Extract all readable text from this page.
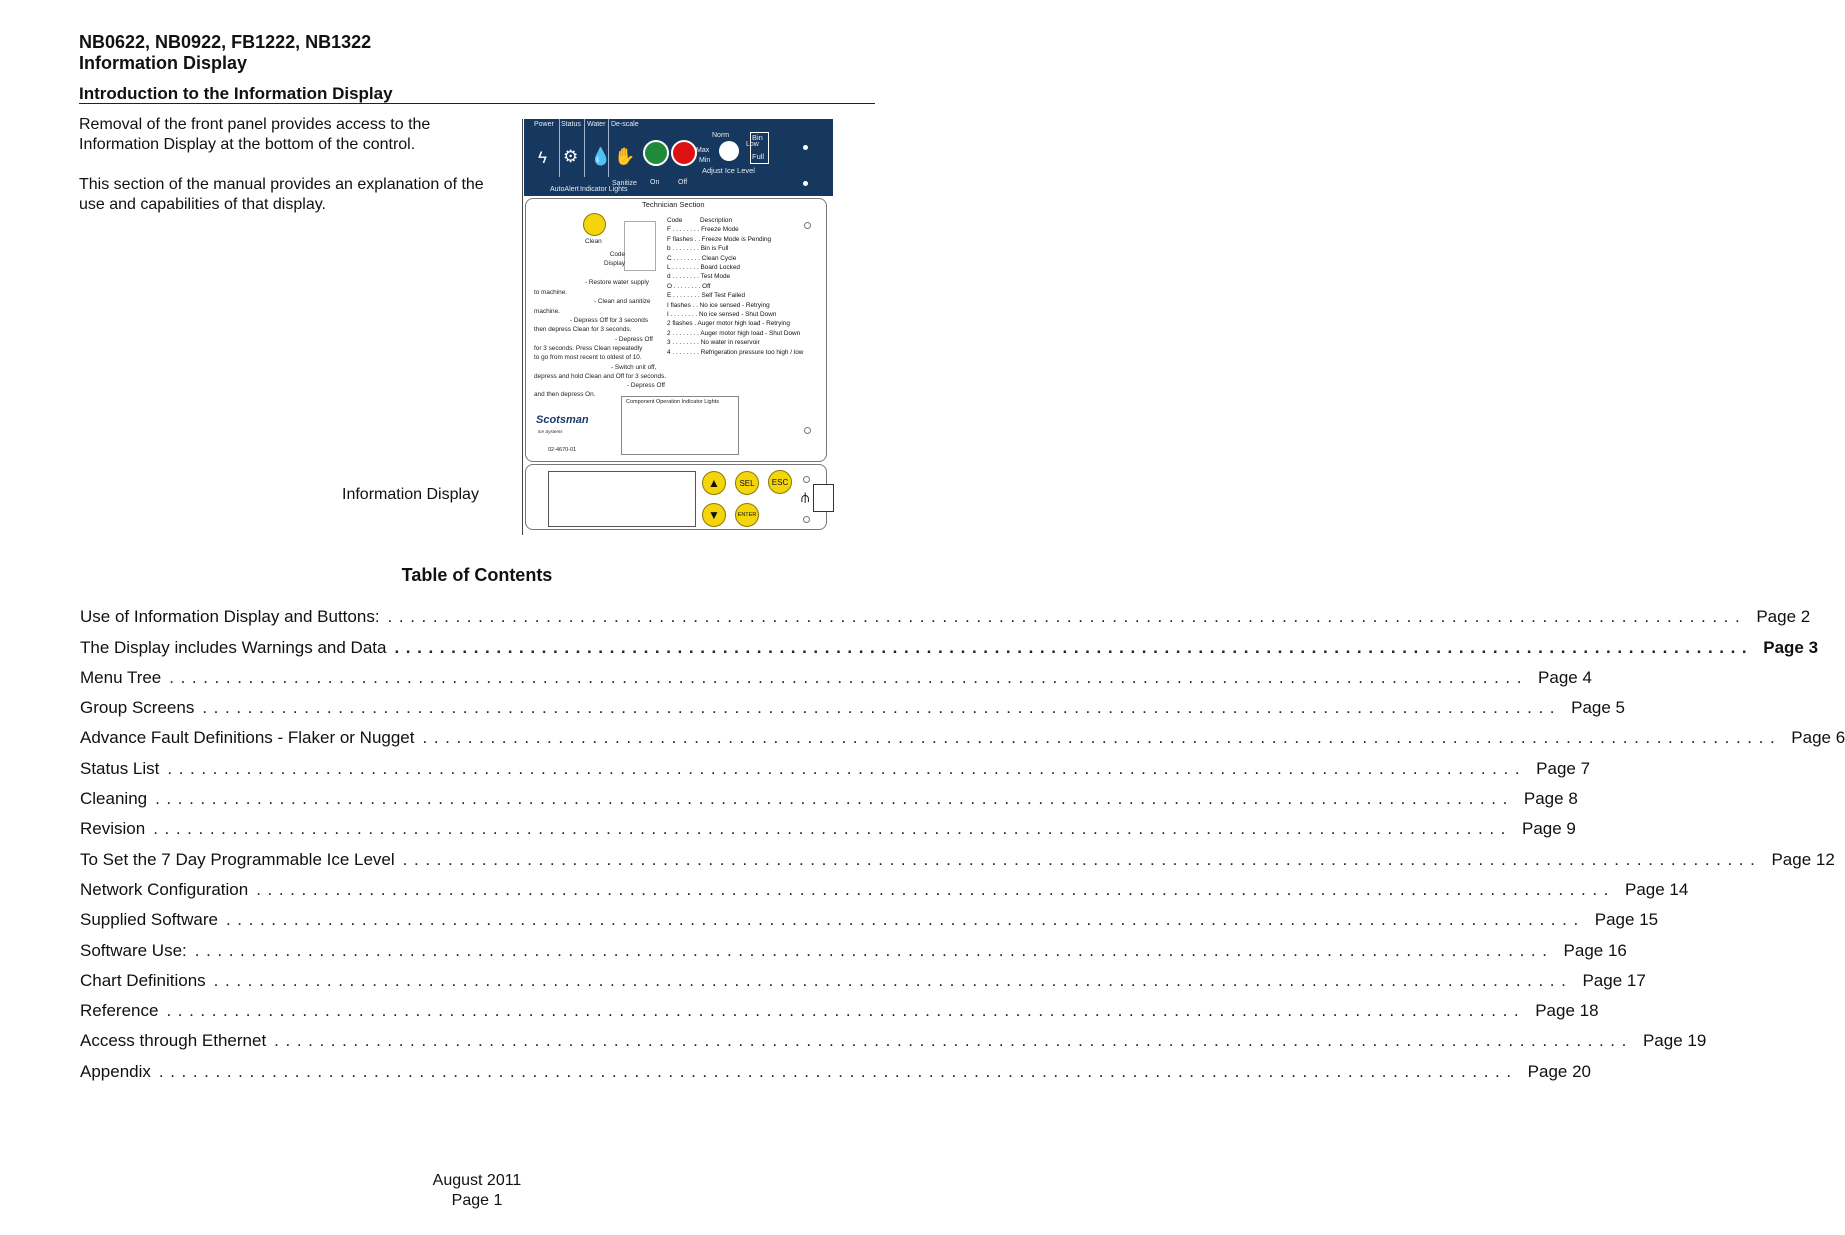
NB0622, NB0922, FB1222, NB1322
Information Display
Introduction to the Information Display

Removal of the front panel provides access to the Information Display at the bottom of the control.

This section of the manual provides an explanation of the use and capabilities of that display.

Information Display
Power Status Water De-scale
ϟ ⚙ 💧 ✋
AutoAlert Indicator Lights
Sanitize On	Off
Norm
Low
Max
Min
Adjust Ice Level
Bin
Full
Technician Section
Clean
Code Display
Code	Description
F . . . . . . . . Freeze Mode
F flashes . . Freeze Mode is Pending
b . . . . . . . . Bin is Full
C . . . . . . . . Clean Cycle
L . . . . . . . . Board Locked
d . . . . . . . . Test Mode
O . . . . . . . . Off
E . . . . . . . . Self Test Failed
I flashes . . No ice sensed - Retrying
I . . . . . . . . No ice sensed - Shut Down
2 flashes . Auger motor high load - Retrying
2 . . . . . . . . Auger motor high load - Shut Down
3 . . . . . . . . No water in reservoir
4 . . . . . . . . Refrigeration pressure too high / low
- Restore water supply
to machine.
- Clean and sanitize
machine.
- Depress Off for 3 seconds
then depress Clean for 3 seconds.
- Depress Off
for 3 seconds. Press Clean repeatedly
to go from most recent to oldest of 10.
- Switch unit off,
depress and hold Clean and Off for 3 seconds.
- Depress Off
and then depress On.
Scotsman
Ice Systems
02-4670-01
Component Operation Indicator Lights
▲
▼
SEL ESC
ENTER
⫛
Table of Contents
Use of Information Display and Buttons: ........................................................................................................................ Page 2
The Display includes Warnings and Data ........................................................................................................................ Page 3
Menu Tree ........................................................................................................................ Page 4
Group Screens ........................................................................................................................ Page 5
Advance Fault Definitions - Flaker or Nugget ........................................................................................................................ Page 6
Status List ........................................................................................................................ Page 7
Cleaning ........................................................................................................................ Page 8
Revision ........................................................................................................................ Page 9
To Set the 7 Day Programmable Ice Level ........................................................................................................................ Page 12
Network Configuration ........................................................................................................................ Page 14
Supplied Software ........................................................................................................................ Page 15
Software Use: ........................................................................................................................ Page 16
Chart Definitions ........................................................................................................................ Page 17
Reference ........................................................................................................................ Page 18
Access through Ethernet ........................................................................................................................ Page 19
Appendix ........................................................................................................................ Page 20
August 2011
Page 1
